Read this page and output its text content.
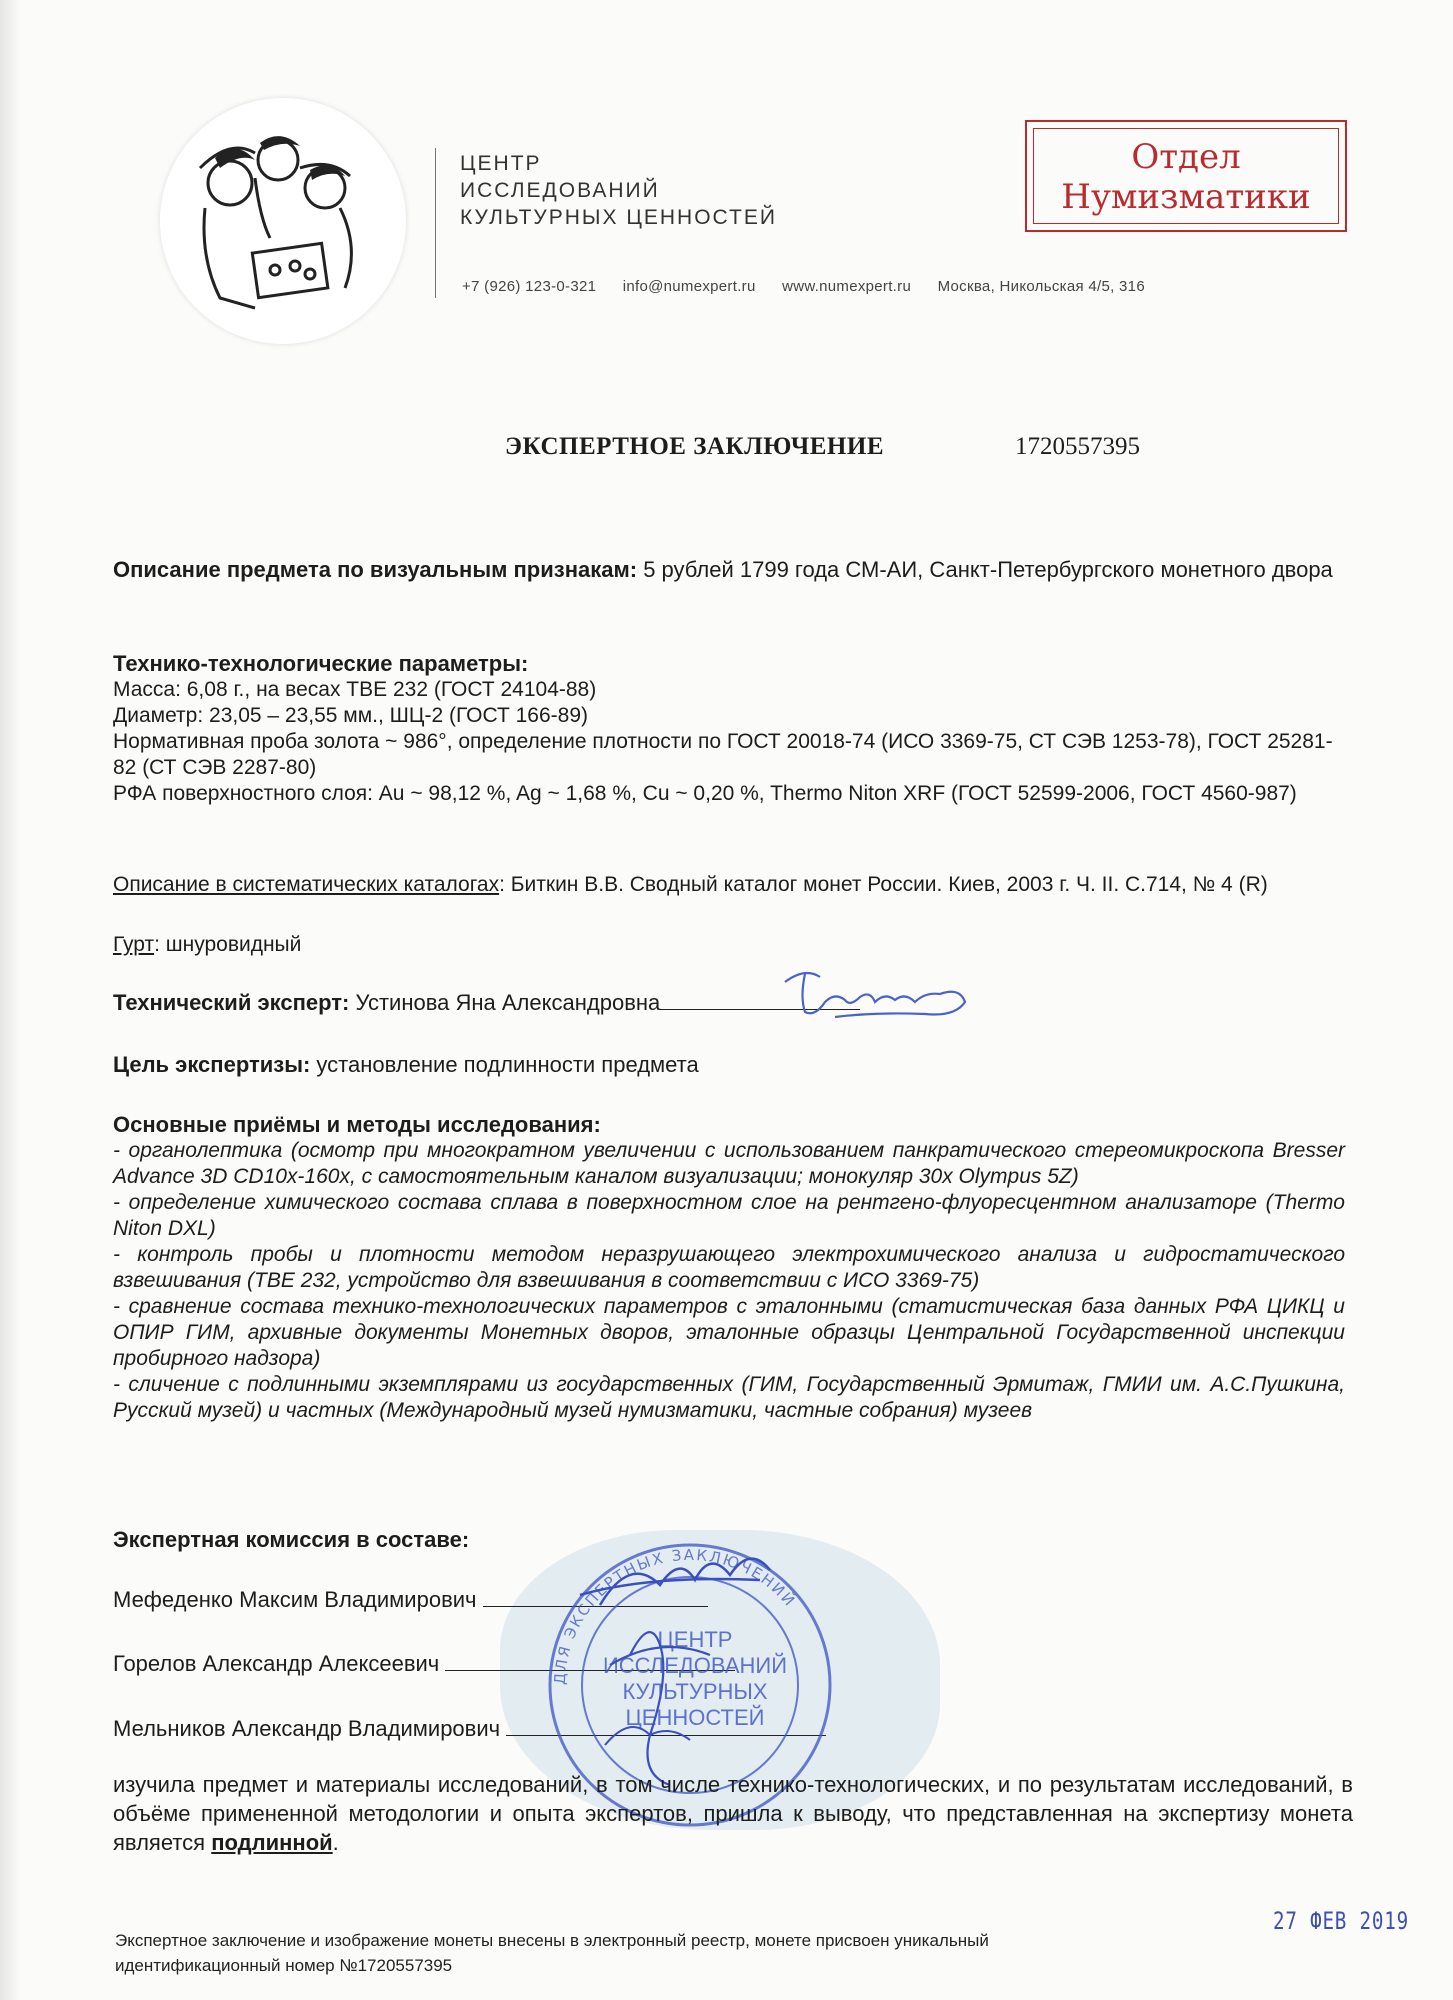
ЦЕНТР
ИССЛЕДОВАНИЙ
КУЛЬТУРНЫХ ЦЕННОСТЕЙ
+7 (926) 123-0-321 info@numexpert.ru www.numexpert.ru Москва, Никольская 4/5, 316
Отдел
Нумизматики
ЭКСПЕРТНОЕ ЗАКЛЮЧЕНИЕ	1720557395
Описание предмета по визуальным признакам: 5 рублей 1799 года СМ-АИ, Санкт-Петербургского монетного двора
Технико-технологические параметры:
Масса: 6,08 г., на весах TBE 232 (ГОСТ 24104-88)
Диаметр: 23,05 – 23,55 мм., ШЦ-2 (ГОСТ 166-89)
Нормативная проба золота ~ 986°, определение плотности по ГОСТ 20018-74 (ИСО 3369-75, СТ СЭВ 1253-78), ГОСТ 25281-82 (СТ СЭВ 2287-80)
РФА поверхностного слоя: Au ~ 98,12 %, Ag ~ 1,68 %, Cu ~ 0,20 %, Thermo Niton XRF (ГОСТ 52599-2006, ГОСТ 4560-987)
Описание в систематических каталогах: Биткин В.В. Сводный каталог монет России. Киев, 2003 г. Ч. II. С.714, № 4 (R)
Гурт: шнуровидный
Технический эксперт: Устинова Яна Александровна
Цель экспертизы: установление подлинности предмета
Основные приёмы и методы исследования:
- органолептика (осмотр при многократном увеличении с использованием панкратического стереомикроскопа Bresser Advance 3D CD10x-160x, с самостоятельным каналом визуализации; монокуляр 30x Olympus 5Z)
- определение химического состава сплава в поверхностном слое на рентгено-флуоресцентном анализаторе (Thermo Niton DXL)
- контроль пробы и плотности методом неразрушающего электрохимического анализа и гидростатического взвешивания (TBE 232, устройство для взвешивания в соответствии с ИСО 3369-75)
- сравнение состава технико-технологических параметров с эталонными (статистическая база данных РФА ЦИКЦ и ОПИР ГИМ, архивные документы Монетных дворов, эталонные образцы Центральной Государственной инспекции пробирного надзора)
- сличение с подлинными экземплярами из государственных (ГИМ, Государственный Эрмитаж, ГМИИ им. А.С.Пушкина, Русский музей) и частных (Международный музей нумизматики, частные собрания) музеев
Экспертная комиссия в составе:
Мефеденко Максим Владимирович
Горелов Александр Алексеевич
Мельников Александр Владимирович
ДЛЯ ЭКСПЕРТНЫХ ЗАКЛЮЧЕНИЙ
ЦЕНТР
ИССЛЕДОВАНИЙ
КУЛЬТУРНЫХ
ЦЕННОСТЕЙ
изучила предмет и материалы исследований, в том числе технико-технологических, и по результатам исследований, в объёме примененной методологии и опыта экспертов, пришла к выводу, что представленная на экспертизу монета является подлинной.
Экспертное заключение и изображение монеты внесены в электронный реестр, монете присвоен уникальный
идентификационный номер №1720557395
27 ФЕВ 2019
